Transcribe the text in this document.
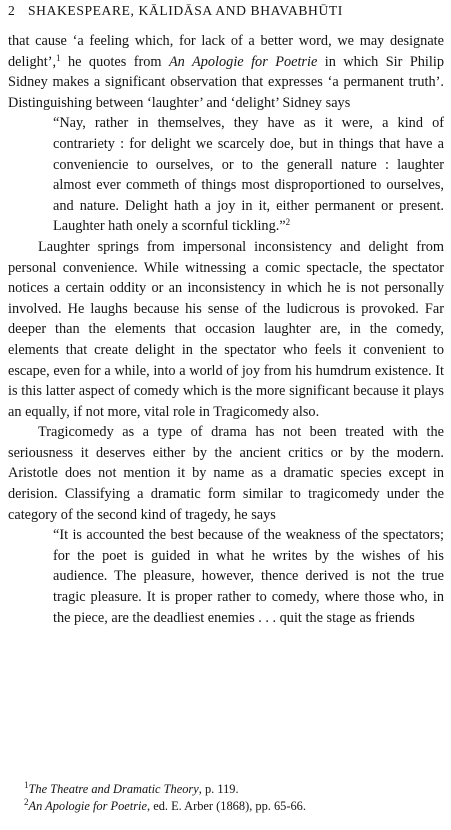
2 SHAKESPEARE, KĀLIDĀSA AND BHAVABHŪTI

that cause ‘a feeling which, for lack of a better word, we may designate delight’,$^1$ he quotes from An Apologie for Poetrie in which Sir Philip Sidney makes a significant observation that expresses ‘a permanent truth’. Distinguishing between ‘laughter’ and ‘delight’ Sidney says

“Nay, rather in themselves, they have as it were, a kind of contrariety : for delight we scarcely doe, but in things that have a conveniencie to ourselves, or to the generall nature : laughter almost ever commeth of things most disproportioned to ourselves, and nature. Delight hath a joy in it, either permanent or present. Laughter hath onely a scornful tickling.”$^2$

Laughter springs from impersonal inconsistency and delight from personal convenience. While witnessing a comic spectacle, the spectator notices a certain oddity or an inconsistency in which he is not personally involved. He laughs because his sense of the ludicrous is provoked. Far deeper than the elements that occasion laughter are, in the comedy, elements that create delight in the spectator who feels it convenient to escape, even for a while, into a world of joy from his humdrum existence. It is this latter aspect of comedy which is the more significant because it plays an equally, if not more, vital role in Tragicomedy also.

Tragicomedy as a type of drama has not been treated with the seriousness it deserves either by the ancient critics or by the modern. Aristotle does not mention it by name as a dramatic species except in derision. Classifying a dramatic form similar to tragicomedy under the category of the second kind of tragedy, he says

“It is accounted the best because of the weakness of the spectators; for the poet is guided in what he writes by the wishes of his audience. The pleasure, however, thence derived is not the true tragic pleasure. It is proper rather to comedy, where those who, in the piece, are the deadliest enemies . . . quit the stage as friends

$^1$The Theatre and Dramatic Theory, p. 119.

$^2$An Apologie for Poetrie, ed. E. Arber (1868), pp. 65-66.
